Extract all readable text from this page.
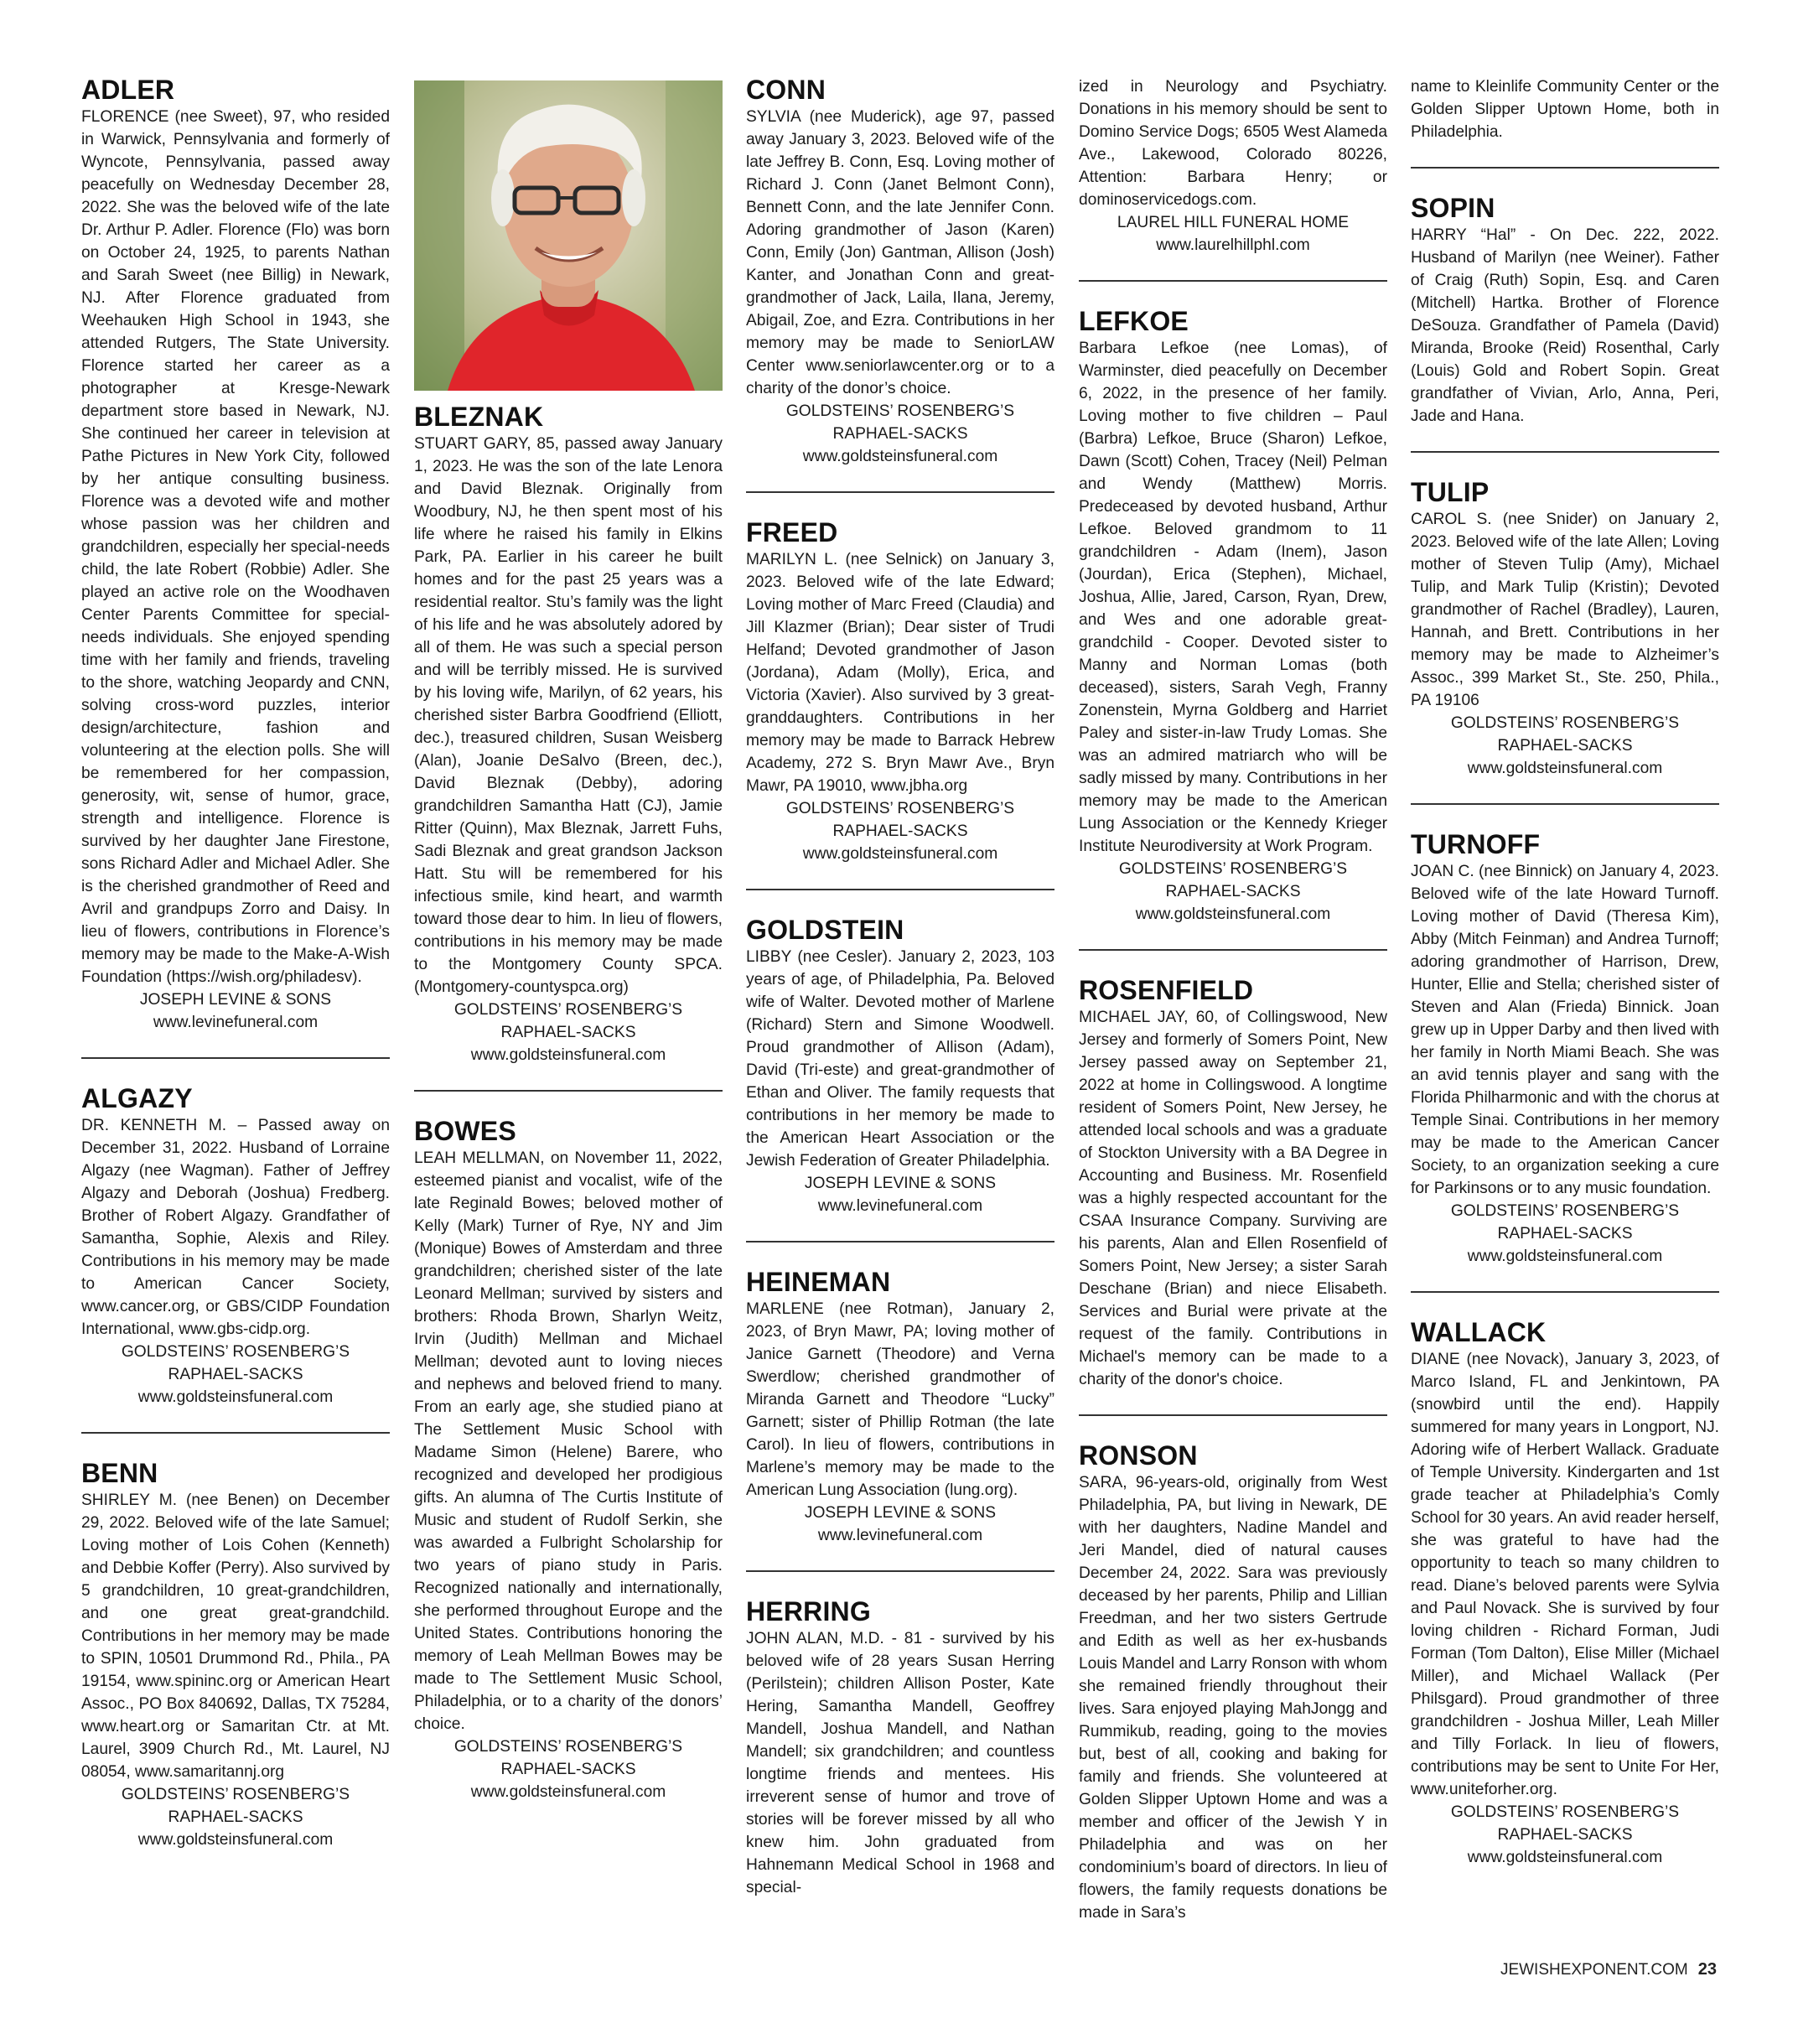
ADLER

FLORENCE (nee Sweet), 97, who resided in Warwick, Pennsylvania and formerly of Wyncote, Pennsylvania, passed away peacefully on Wednesday December 28, 2022. She was the beloved wife of the late Dr. Arthur P. Adler. Florence (Flo) was born on October 24, 1925, to parents Nathan and Sarah Sweet (nee Billig) in Newark, NJ. After Florence graduated from Weehauken High School in 1943, she attended Rutgers, The State University. Florence started her career as a photographer at Kresge-Newark department store based in Newark, NJ. She continued her career in television at Pathe Pictures in New York City, followed by her antique consulting business. Florence was a devoted wife and mother whose passion was her children and grandchildren, especially her special-needs child, the late Robert (Robbie) Adler. She played an active role on the Woodhaven Center Parents Committee for special-needs individuals. She enjoyed spending time with her family and friends, traveling to the shore, watching Jeopardy and CNN, solving cross-word puzzles, interior design/architecture, fashion and volunteering at the election polls. She will be remembered for her compassion, generosity, wit, sense of humor, grace, strength and intelligence. Florence is survived by her daughter Jane Firestone, sons Richard Adler and Michael Adler. She is the cherished grandmother of Reed and Avril and grandpups Zorro and Daisy. In lieu of flowers, contributions in Florence’s memory may be made to the Make-A-Wish Foundation (https://wish.org/philadesv).

JOSEPH LEVINE & SONS
www.levinefuneral.com
ALGAZY

DR. KENNETH M. – Passed away on December 31, 2022. Husband of Lorraine Algazy (nee Wagman). Father of Jeffrey Algazy and Deborah (Joshua) Fredberg. Brother of Robert Algazy. Grandfather of Samantha, Sophie, Alexis and Riley. Contributions in his memory may be made to American Cancer Society, www.cancer.org, or GBS/CIDP Foundation International, www.gbs-cidp.org.

GOLDSTEINS’ ROSENBERG’S
RAPHAEL-SACKS
www.goldsteinsfuneral.com
BENN

SHIRLEY M. (nee Benen) on December 29, 2022. Beloved wife of the late Samuel; Loving mother of Lois Cohen (Kenneth) and Debbie Koffer (Perry). Also survived by 5 grandchildren, 10 great-grandchildren, and one great great-grandchild. Contributions in her memory may be made to SPIN, 10501 Drummond Rd., Phila., PA 19154, www.spininc.org or American Heart Assoc., PO Box 840692, Dallas, TX 75284, www.heart.org or Samaritan Ctr. at Mt. Laurel, 3909 Church Rd., Mt. Laurel, NJ 08054, www.samaritannj.org

GOLDSTEINS’ ROSENBERG’S
RAPHAEL-SACKS
www.goldsteinsfuneral.com
BLEZNAK

STUART GARY, 85, passed away January 1, 2023. He was the son of the late Lenora and David Bleznak. Originally from Woodbury, NJ, he then spent most of his life where he raised his family in Elkins Park, PA. Earlier in his career he built homes and for the past 25 years was a residential realtor. Stu’s family was the light of his life and he was absolutely adored by all of them. He was such a special person and will be terribly missed. He is survived by his loving wife, Marilyn, of 62 years, his cherished sister Barbra Goodfriend (Elliott, dec.), treasured children, Susan Weisberg (Alan), Joanie DeSalvo (Breen, dec.), David Bleznak (Debby), adoring grandchildren Samantha Hatt (CJ), Jamie Ritter (Quinn), Max Bleznak, Jarrett Fuhs, Sadi Bleznak and great grandson Jackson Hatt. Stu will be remembered for his infectious smile, kind heart, and warmth toward those dear to him. In lieu of flowers, contributions in his memory may be made to the Montgomery County SPCA. (Montgomery-countyspca.org)

GOLDSTEINS’ ROSENBERG’S
RAPHAEL-SACKS
www.goldsteinsfuneral.com
BOWES

LEAH MELLMAN, on November 11, 2022, esteemed pianist and vocalist, wife of the late Reginald Bowes; beloved mother of Kelly (Mark) Turner of Rye, NY and Jim (Monique) Bowes of Amsterdam and three grandchildren; cherished sister of the late Leonard Mellman; survived by sisters and brothers: Rhoda Brown, Sharlyn Weitz, Irvin (Judith) Mellman and Michael Mellman; devoted aunt to loving nieces and nephews and beloved friend to many. From an early age, she studied piano at The Settlement Music School with Madame Simon (Helene) Barere, who recognized and developed her prodigious gifts. An alumna of The Curtis Institute of Music and student of Rudolf Serkin, she was awarded a Fulbright Scholarship for two years of piano study in Paris. Recognized nationally and internationally, she performed throughout Europe and the United States. Contributions honoring the memory of Leah Mellman Bowes may be made to The Settlement Music School, Philadelphia, or to a charity of the donors’ choice.

GOLDSTEINS’ ROSENBERG’S
RAPHAEL-SACKS
www.goldsteinsfuneral.com
CONN

SYLVIA (nee Muderick), age 97, passed away January 3, 2023. Beloved wife of the late Jeffrey B. Conn, Esq. Loving mother of Richard J. Conn (Janet Belmont Conn), Bennett Conn, and the late Jennifer Conn. Adoring grandmother of Jason (Karen) Conn, Emily (Jon) Gantman, Allison (Josh) Kanter, and Jonathan Conn and great-grandmother of Jack, Laila, Ilana, Jeremy, Abigail, Zoe, and Ezra. Contributions in her memory may be made to SeniorLAW Center www.seniorlawcenter.org or to a charity of the donor’s choice.

GOLDSTEINS’ ROSENBERG’S
RAPHAEL-SACKS
www.goldsteinsfuneral.com
FREED

MARILYN L. (nee Selnick) on January 3, 2023. Beloved wife of the late Edward; Loving mother of Marc Freed (Claudia) and Jill Klazmer (Brian); Dear sister of Trudi Helfand; Devoted grandmother of Jason (Jordana), Adam (Molly), Erica, and Victoria (Xavier). Also survived by 3 great-granddaughters. Contributions in her memory may be made to Barrack Hebrew Academy, 272 S. Bryn Mawr Ave., Bryn Mawr, PA 19010, www.jbha.org

GOLDSTEINS’ ROSENBERG’S
RAPHAEL-SACKS
www.goldsteinsfuneral.com
GOLDSTEIN

LIBBY (nee Cesler). January 2, 2023, 103 years of age, of Philadelphia, Pa. Beloved wife of Walter. Devoted mother of Marlene (Richard) Stern and Simone Woodwell. Proud grandmother of Allison (Adam), David (Tri-este) and great-grandmother of Ethan and Oliver. The family requests that contributions in her memory be made to the American Heart Association or the Jewish Federation of Greater Philadelphia.

JOSEPH LEVINE & SONS
www.levinefuneral.com
HEINEMAN

MARLENE (nee Rotman), January 2, 2023, of Bryn Mawr, PA; loving mother of Janice Garnett (Theodore) and Verna Swerdlow; cherished grandmother of Miranda Garnett and Theodore “Lucky” Garnett; sister of Phillip Rotman (the late Carol). In lieu of flowers, contributions in Marlene’s memory may be made to the American Lung Association (lung.org).

JOSEPH LEVINE & SONS
www.levinefuneral.com
HERRING

JOHN ALAN, M.D. - 81 - survived by his beloved wife of 28 years Susan Herring (Perilstein); children Allison Poster, Kate Hering, Samantha Mandell, Geoffrey Mandell, Joshua Mandell, and Nathan Mandell; six grandchildren; and countless longtime friends and mentees. His irreverent sense of humor and trove of stories will be forever missed by all who knew him. John graduated from Hahnemann Medical School in 1968 and special-

ized in Neurology and Psychiatry. Donations in his memory should be sent to Domino Service Dogs; 6505 West Alameda Ave., Lakewood, Colorado 80226, Attention: Barbara Henry; or dominoservicedogs.com.

LAUREL HILL FUNERAL HOME
www.laurelhillphl.com
LEFKOE

Barbara Lefkoe (nee Lomas), of Warminster, died peacefully on December 6, 2022, in the presence of her family. Loving mother to five children – Paul (Barbra) Lefkoe, Bruce (Sharon) Lefkoe, Dawn (Scott) Cohen, Tracey (Neil) Pelman and Wendy (Matthew) Morris. Predeceased by devoted husband, Arthur Lefkoe. Beloved grandmom to 11 grandchildren - Adam (Inem), Jason (Jourdan), Erica (Stephen), Michael, Joshua, Allie, Jared, Carson, Ryan, Drew, and Wes and one adorable great-grandchild - Cooper. Devoted sister to Manny and Norman Lomas (both deceased), sisters, Sarah Vegh, Franny Zonenstein, Myrna Goldberg and Harriet Paley and sister-in-law Trudy Lomas. She was an admired matriarch who will be sadly missed by many. Contributions in her memory may be made to the American Lung Association or the Kennedy Krieger Institute Neurodiversity at Work Program.

GOLDSTEINS’ ROSENBERG’S
RAPHAEL-SACKS
www.goldsteinsfuneral.com
ROSENFIELD

MICHAEL JAY, 60, of Collingswood, New Jersey and formerly of Somers Point, New Jersey passed away on September 21, 2022 at home in Collingswood. A longtime resident of Somers Point, New Jersey, he attended local schools and was a graduate of Stockton University with a BA Degree in Accounting and Business. Mr. Rosenfield was a highly respected accountant for the CSAA Insurance Company. Surviving are his parents, Alan and Ellen Rosenfield of Somers Point, New Jersey; a sister Sarah Deschane (Brian) and niece Elisabeth. Services and Burial were private at the request of the family. Contributions in Michael's memory can be made to a charity of the donor's choice.

RONSON

SARA, 96-years-old, originally from West Philadelphia, PA, but living in Newark, DE with her daughters, Nadine Mandel and Jeri Mandel, died of natural causes December 24, 2022. Sara was previously deceased by her parents, Philip and Lillian Freedman, and her two sisters Gertrude and Edith as well as her ex-husbands Louis Mandel and Larry Ronson with whom she remained friendly throughout their lives. Sara enjoyed playing MahJongg and Rummikub, reading, going to the movies but, best of all, cooking and baking for family and friends. She volunteered at Golden Slipper Uptown Home and was a member and officer of the Jewish Y in Philadelphia and was on her condominium’s board of directors. In lieu of flowers, the family requests donations be made in Sara’s

name to Kleinlife Community Center or the Golden Slipper Uptown Home, both in Philadelphia.

SOPIN

HARRY “Hal” - On Dec. 222, 2022. Husband of Marilyn (nee Weiner). Father of Craig (Ruth) Sopin, Esq. and Caren (Mitchell) Hartka. Brother of Florence DeSouza. Grandfather of Pamela (David) Miranda, Brooke (Reid) Rosenthal, Carly (Louis) Gold and Robert Sopin. Great grandfather of Vivian, Arlo, Anna, Peri, Jade and Hana.

TULIP

CAROL S. (nee Snider) on January 2, 2023. Beloved wife of the late Allen; Loving mother of Steven Tulip (Amy), Michael Tulip, and Mark Tulip (Kristin); Devoted grandmother of Rachel (Bradley), Lauren, Hannah, and Brett. Contributions in her memory may be made to Alzheimer’s Assoc., 399 Market St., Ste. 250, Phila., PA 19106

GOLDSTEINS’ ROSENBERG’S
RAPHAEL-SACKS
www.goldsteinsfuneral.com
TURNOFF

JOAN C. (nee Binnick) on January 4, 2023. Beloved wife of the late Howard Turnoff. Loving mother of David (Theresa Kim), Abby (Mitch Feinman) and Andrea Turnoff; adoring grandmother of Harrison, Drew, Hunter, Ellie and Stella; cherished sister of Steven and Alan (Frieda) Binnick. Joan grew up in Upper Darby and then lived with her family in North Miami Beach. She was an avid tennis player and sang with the Florida Philharmonic and with the chorus at Temple Sinai. Contributions in her memory may be made to the American Cancer Society, to an organization seeking a cure for Parkinsons or to any music foundation.

GOLDSTEINS’ ROSENBERG’S
RAPHAEL-SACKS
www.goldsteinsfuneral.com
WALLACK

DIANE (nee Novack), January 3, 2023, of Marco Island, FL and Jenkintown, PA (snowbird until the end). Happily summered for many years in Longport, NJ. Adoring wife of Herbert Wallack. Graduate of Temple University. Kindergarten and 1st grade teacher at Philadelphia’s Comly School for 30 years. An avid reader herself, she was grateful to have had the opportunity to teach so many children to read. Diane’s beloved parents were Sylvia and Paul Novack. She is survived by four loving children - Richard Forman, Judi Forman (Tom Dalton), Elise Miller (Michael Miller), and Michael Wallack (Per Philsgard). Proud grandmother of three grandchildren - Joshua Miller, Leah Miller and Tilly Forlack. In lieu of flowers, contributions may be sent to Unite For Her, www.uniteforher.org.

GOLDSTEINS’ ROSENBERG’S
RAPHAEL-SACKS
www.goldsteinsfuneral.com
JEWISHEXPONENT.COM 23
